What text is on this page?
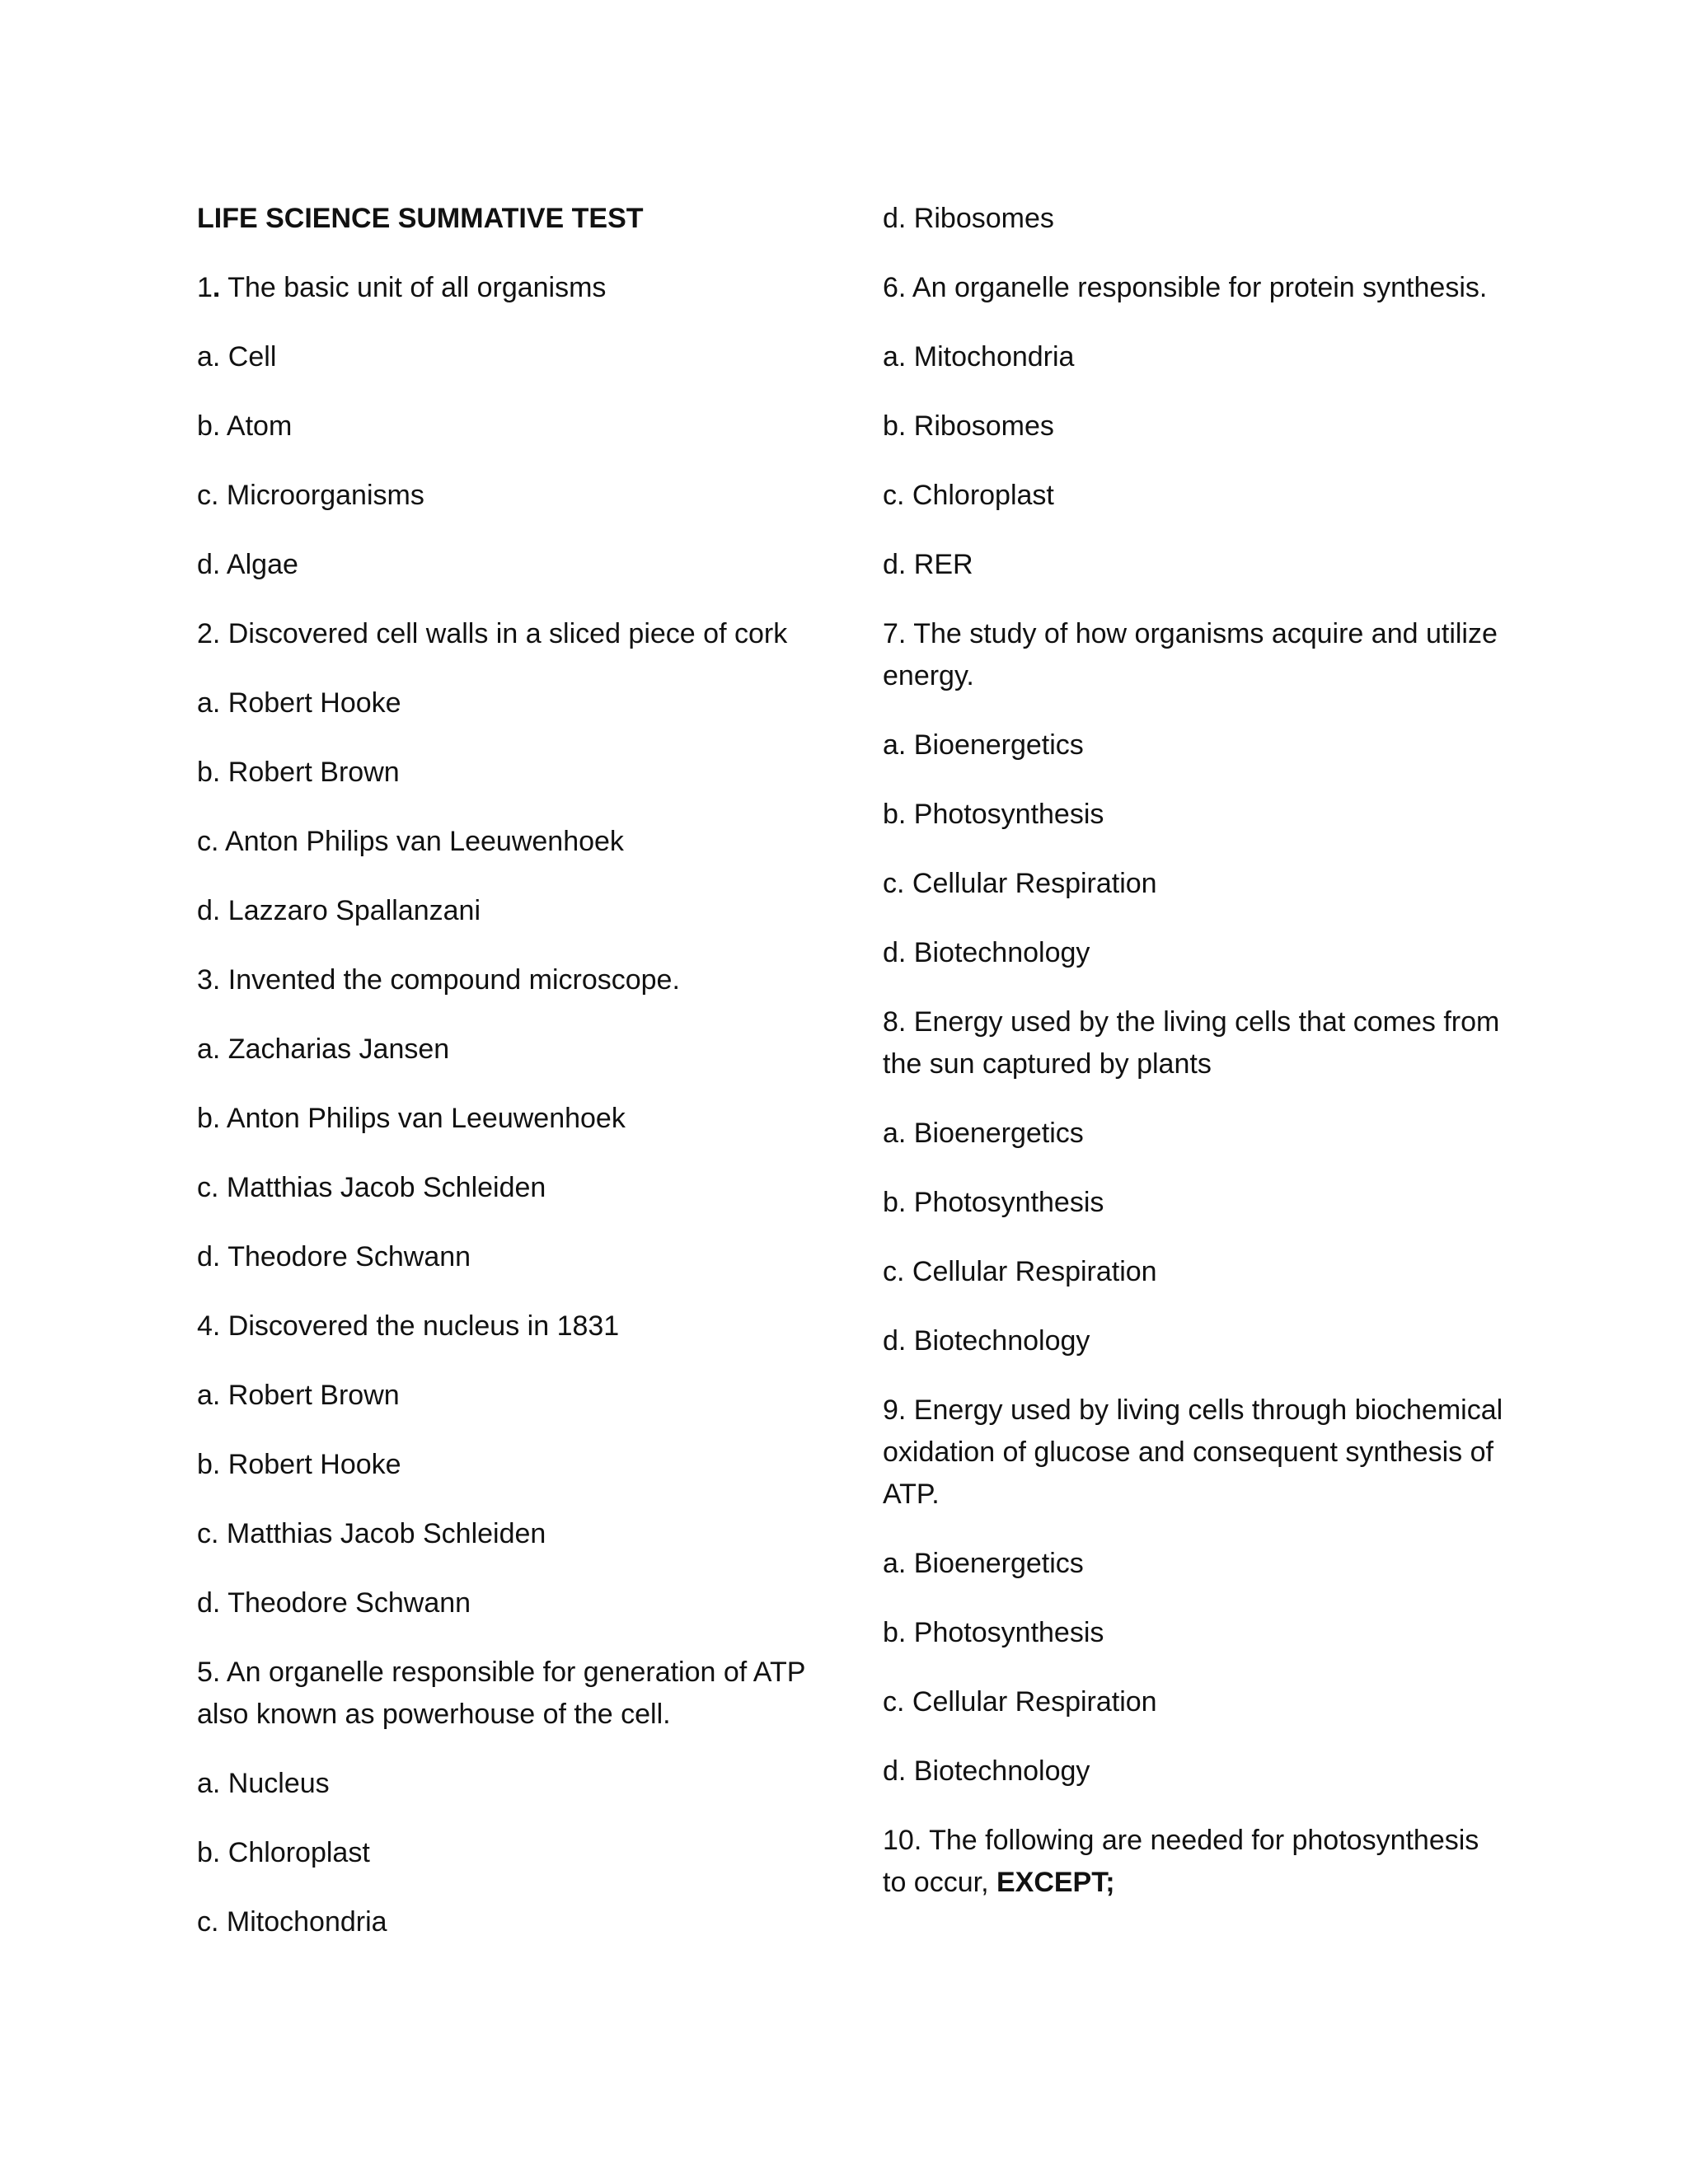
LIFE SCIENCE SUMMATIVE TEST
1. The basic unit of all organisms
a. Cell
b. Atom
c. Microorganisms
d. Algae
2. Discovered cell walls in a sliced piece of cork
a. Robert Hooke
b. Robert Brown
c. Anton Philips van Leeuwenhoek
d. Lazzaro Spallanzani
3. Invented the compound microscope.
a. Zacharias Jansen
b. Anton Philips van Leeuwenhoek
c. Matthias Jacob Schleiden
d. Theodore Schwann
4. Discovered the nucleus in 1831
a. Robert Brown
b. Robert Hooke
c. Matthias Jacob Schleiden
d. Theodore Schwann
5. An organelle responsible for generation of ATP also known as powerhouse of the cell.
a. Nucleus
b. Chloroplast
c. Mitochondria
d. Ribosomes
6. An organelle responsible for protein synthesis.
a. Mitochondria
b. Ribosomes
c. Chloroplast
d. RER
7. The study of how organisms acquire and utilize energy.
a. Bioenergetics
b. Photosynthesis
c. Cellular Respiration
d. Biotechnology
8. Energy used by the living cells that comes from the sun captured by plants
a. Bioenergetics
b. Photosynthesis
c. Cellular Respiration
d. Biotechnology
9. Energy used by living cells through biochemical oxidation of glucose and consequent synthesis of ATP.
a. Bioenergetics
b. Photosynthesis
c. Cellular Respiration
d. Biotechnology
10. The following are needed for photosynthesis to occur, EXCEPT;
